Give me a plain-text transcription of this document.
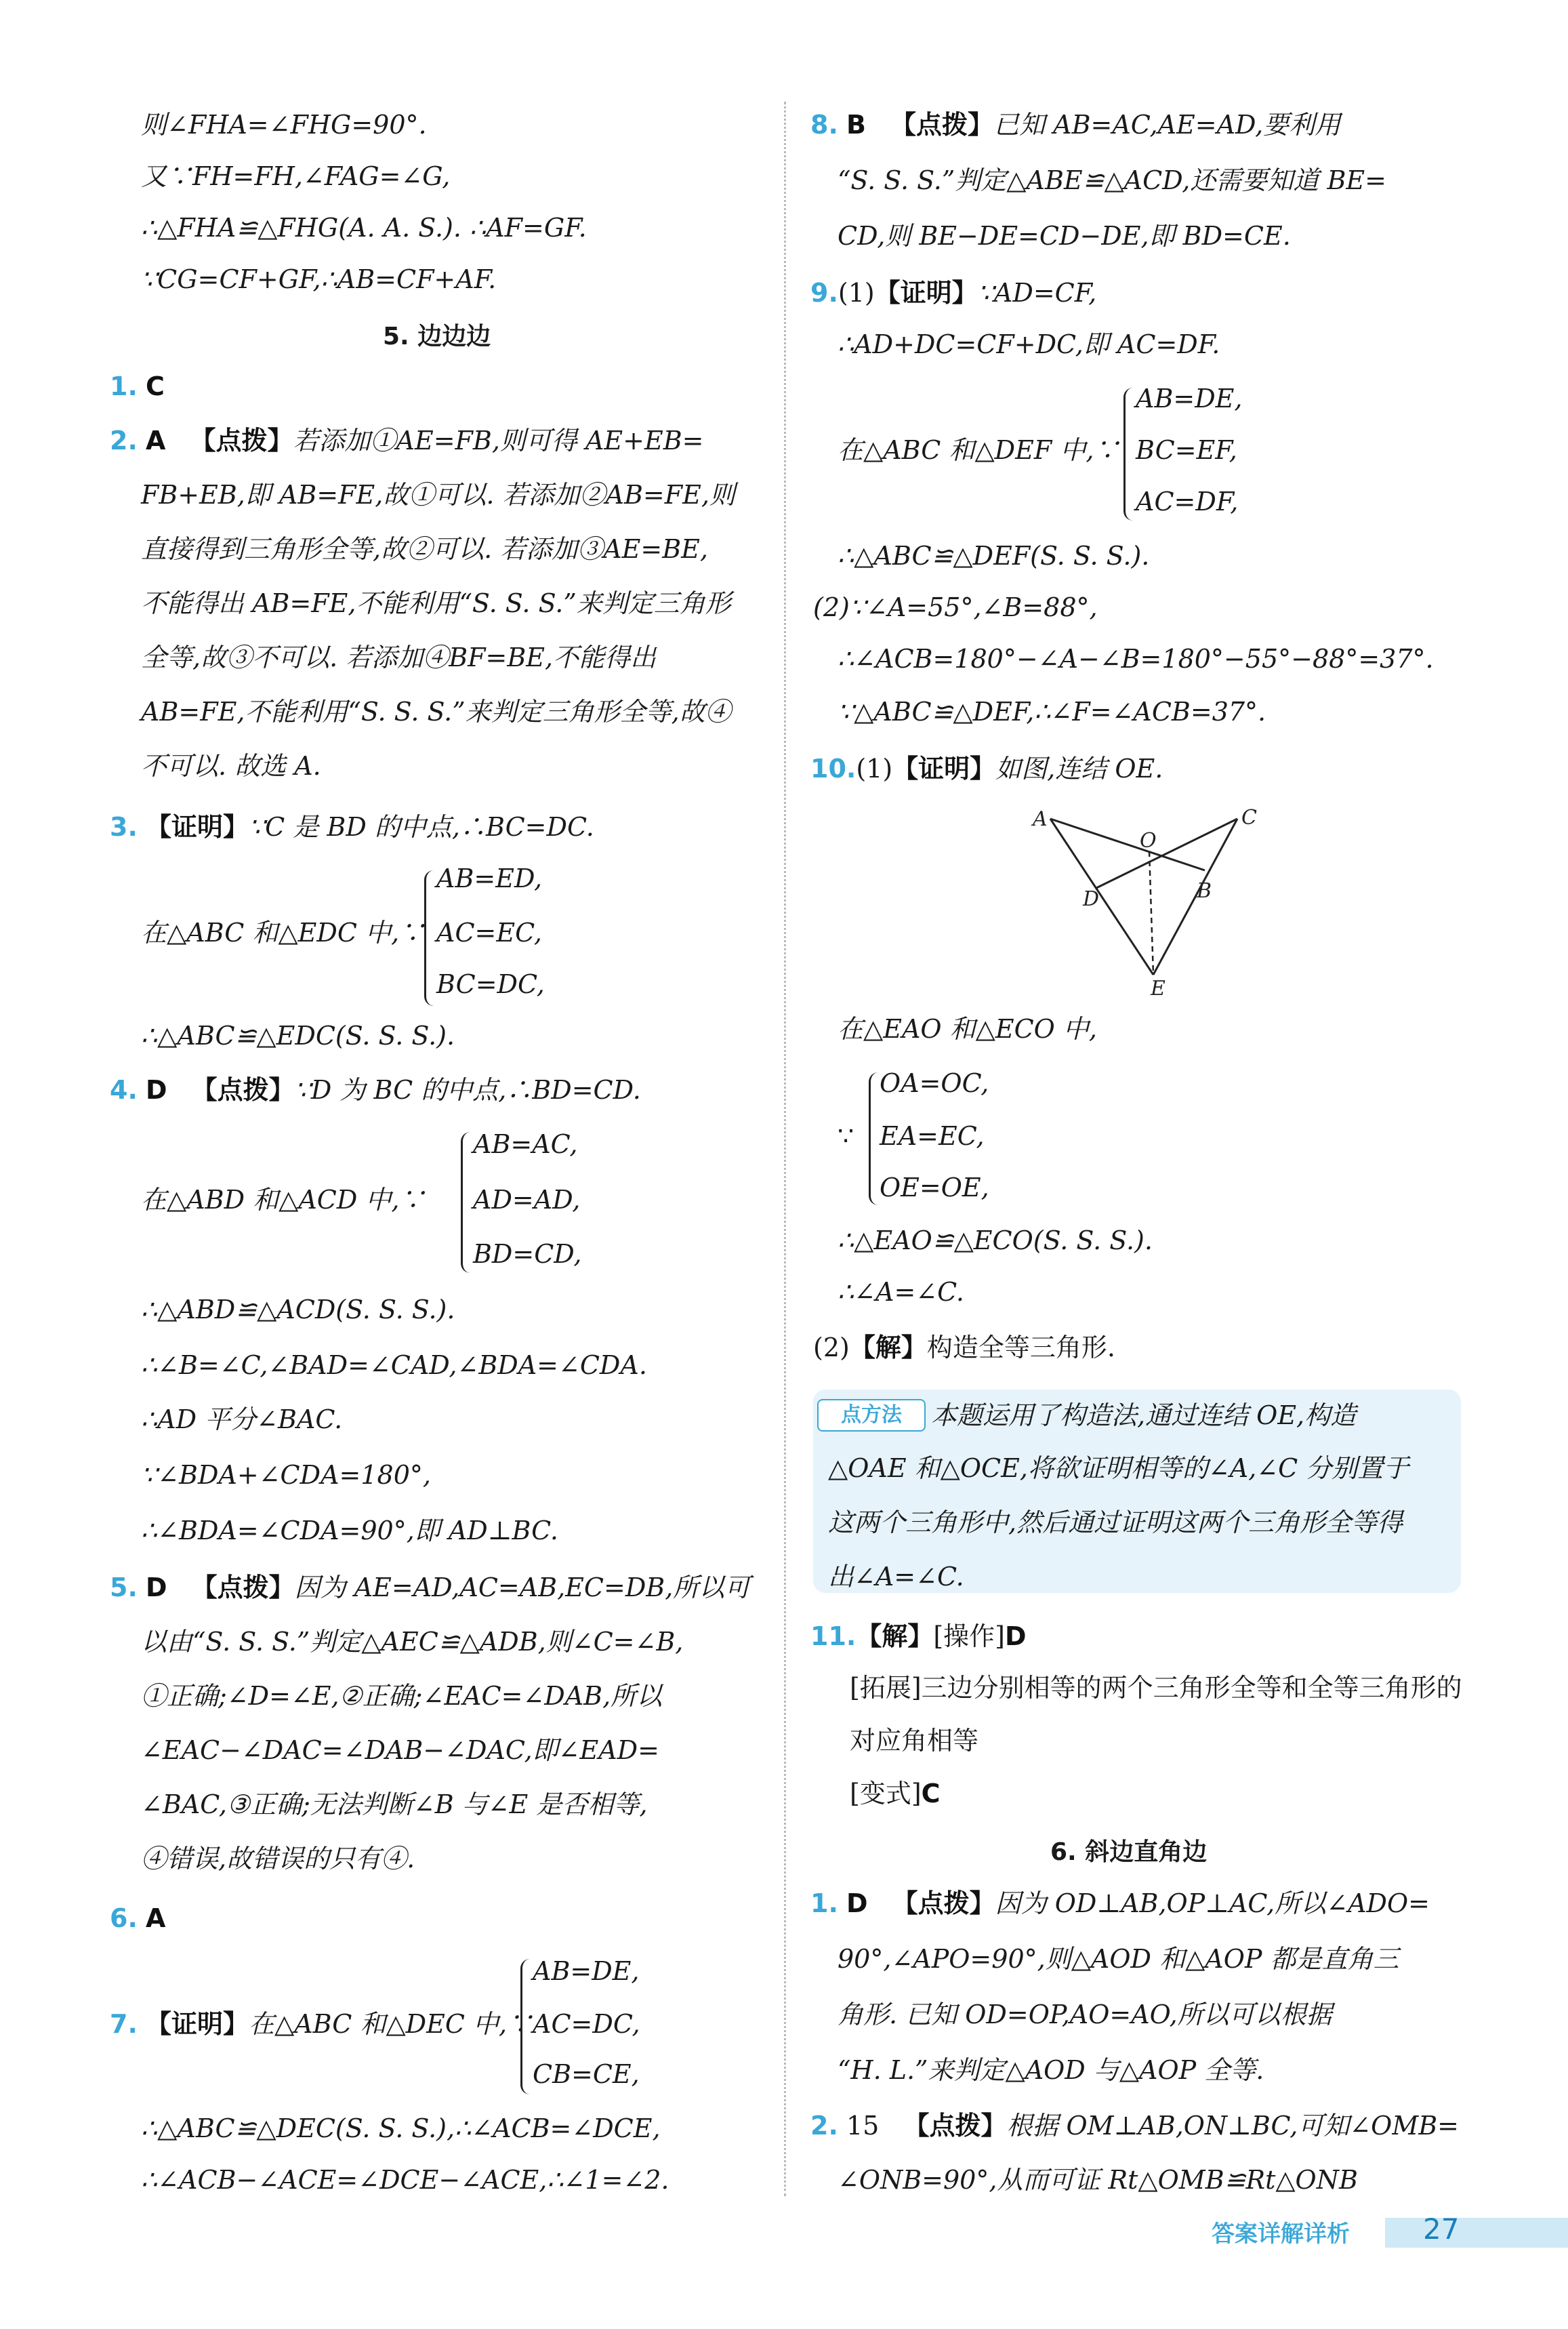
则∠FHA=∠FHG=90°.
又∵FH=FH,∠FAG=∠G,
∴△FHA≌△FHG(A. A. S.). ∴AF=GF.
∵CG=CF+GF,∴AB=CF+AF.
5. 边边边
1. C
2. A 【点拨】若添加①AE=FB,则可得 AE+EB=
FB+EB,即 AB=FE,故①可以. 若添加②AB=FE,则
直接得到三角形全等,故②可以. 若添加③AE=BE,
不能得出 AB=FE,不能利用“S. S. S.”来判定三角形
全等,故③不可以. 若添加④BF=BE,不能得出
AB=FE,不能利用“S. S. S.”来判定三角形全等,故④
不可以. 故选 A.
3. 【证明】∵C 是 BD 的中点,∴BC=DC.
在△ABC 和△EDC 中,∵
AB=ED,
AC=EC,
BC=DC,
∴△ABC≌△EDC(S. S. S.).
4. D 【点拨】∵D 为 BC 的中点,∴BD=CD.
在△ABD 和△ACD 中,∵
AB=AC,
AD=AD,
BD=CD,
∴△ABD≌△ACD(S. S. S.).
∴∠B=∠C,∠BAD=∠CAD,∠BDA=∠CDA.
∴AD 平分∠BAC.
∵∠BDA+∠CDA=180°,
∴∠BDA=∠CDA=90°,即 AD⊥BC.
5. D 【点拨】因为 AE=AD,AC=AB,EC=DB,所以可
以由“S. S. S.”判定△AEC≌△ADB,则∠C=∠B,
①正确;∠D=∠E,②正确;∠EAC=∠DAB,所以
∠EAC−∠DAC=∠DAB−∠DAC,即∠EAD=
∠BAC,③正确;无法判断∠B 与∠E 是否相等,
④错误,故错误的只有④.
6. A
7. 【证明】在△ABC 和△DEC 中,∵
AB=DE,
AC=DC,
CB=CE,
∴△ABC≌△DEC(S. S. S.),∴∠ACB=∠DCE,
∴∠ACB−∠ACE=∠DCE−∠ACE,∴∠1=∠2.
8. B 【点拨】已知 AB=AC,AE=AD,要利用
“S. S. S.”判定△ABE≌△ACD,还需要知道 BE=
CD,则 BE−DE=CD−DE,即 BD=CE.
9.(1)【证明】∵AD=CF,
∴AD+DC=CF+DC,即 AC=DF.
在△ABC 和△DEF 中,∵
AB=DE,
BC=EF,
AC=DF,
∴△ABC≌△DEF(S. S. S.).
(2)∵∠A=55°,∠B=88°,
∴∠ACB=180°−∠A−∠B=180°−55°−88°=37°.
∵△ABC≌△DEF,∴∠F=∠ACB=37°.
10.(1)【证明】如图,连结 OE.
A	C
O
D	B
E
在△EAO 和△ECO 中,
∵
OA=OC,
EA=EC,
OE=OE,
∴△EAO≌△ECO(S. S. S.).
∴∠A=∠C.
(2)【解】构造全等三角形.
点方法	本题运用了构造法,通过连结 OE,构造
△OAE 和△OCE,将欲证明相等的∠A,∠C 分别置于
这两个三角形中,然后通过证明这两个三角形全等得
出∠A=∠C.
11.【解】[操作]D
[拓展]三边分别相等的两个三角形全等和全等三角形的
对应角相等
[变式]C
6. 斜边直角边
1. D 【点拨】因为 OD⊥AB,OP⊥AC,所以∠ADO=
90°,∠APO=90°,则△AOD 和△AOP 都是直角三
角形. 已知 OD=OP,AO=AO,所以可以根据
“H. L.”来判定△AOD 与△AOP 全等.
2. 15 【点拨】根据 OM⊥AB,ON⊥BC,可知∠OMB=
∠ONB=90°,从而可证 Rt△OMB≌Rt△ONB
答案详解详析	27
